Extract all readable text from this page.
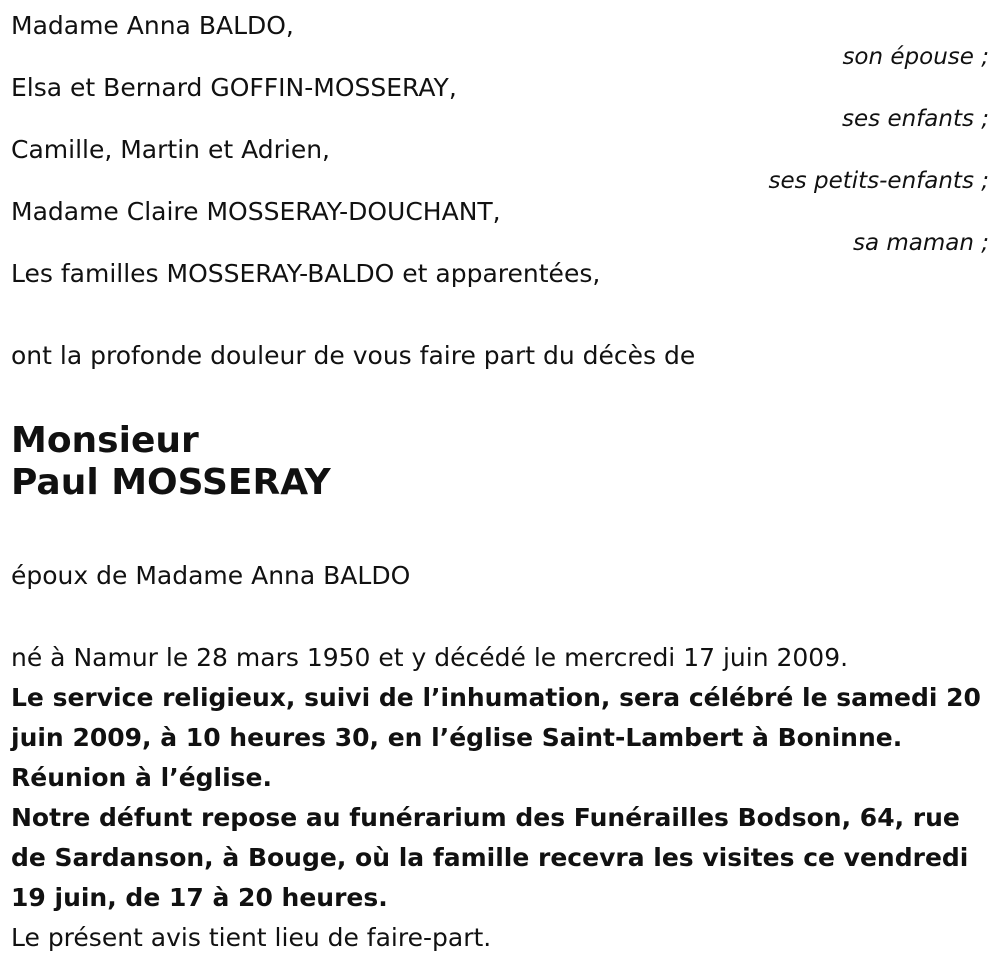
Madame Anna BALDO,
son épouse ;
Elsa et Bernard GOFFIN-MOSSERAY,
ses enfants ;
Camille, Martin et Adrien,
ses petits-enfants ;
Madame Claire MOSSERAY-DOUCHANT,
sa maman ;
Les familles MOSSERAY-BALDO et apparentées,
ont la profonde douleur de vous faire part du décès de
Monsieur
Paul MOSSERAY
époux de Madame Anna BALDO
né à Namur le 28 mars 1950 et y décédé le mercredi 17 juin 2009.
Le service religieux, suivi de l’inhumation, sera célébré le samedi 20 juin 2009, à 10 heures 30, en l’église Saint-Lambert à Boninne.
Réunion à l’église.
Notre défunt repose au funérarium des Funérailles Bodson, 64, rue de Sardanson, à Bouge, où la famille recevra les visites ce vendredi 19 juin, de 17 à 20 heures.
Le présent avis tient lieu de faire-part.
